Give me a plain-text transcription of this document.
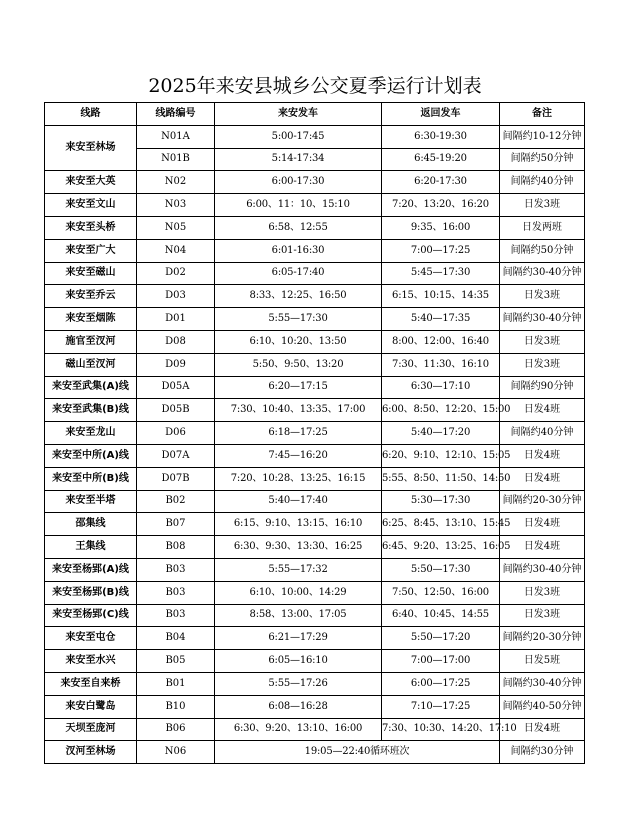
2025年来安县城乡公交夏季运行计划表
线路	线路编号	来安发车	返回发车	备注
来安至林场	N01A	5:00-17:45	6:30-19:30	间隔约10-12分钟
	N01B	5:14-17:34	6:45-19:20	间隔约50分钟
来安至大英	N02	6:00-17:30	6:20-17:30	间隔约40分钟
来安至文山	N03	6:00、11：10、15:10	7:20、13:20、16:20	日发3班
来安至头桥	N05	6:58、12:55	9:35、16:00	日发两班
来安至广大	N04	6:01-16:30	7:00—17:25	间隔约50分钟
来安至磁山	D02	6:05-17:40	5:45—17:30	间隔约30-40分钟
来安至乔云	D03	8:33、12:25、16:50	6:15、10:15、14:35	日发3班
来安至烟陈	D01	5:55—17:30	5:40—17:35	间隔约30-40分钟
施官至汊河	D08	6:10、10:20、13:50	8:00、12:00、16:40	日发3班
磁山至汊河	D09	5:50、9:50、13:20	7:30、11:30、16:10	日发3班
来安至武集(A)线	D05A	6:20—17:15	6:30—17:10	间隔约90分钟
来安至武集(B)线	D05B	7:30、10:40、13:35、17:00	6:00、8:50、12:20、15:00	日发4班
来安至龙山	D06	6:18—17:25	5:40—17:20	间隔约40分钟
来安至中所(A)线	D07A	7:45—16:20	6:20、9:10、12:10、15:05	日发4班
来安至中所(B)线	D07B	7:20、10:28、13:25、16:15	5:55、8:50、11:50、14:50	日发4班
来安至半塔	B02	5:40—17:40	5:30—17:30	间隔约20-30分钟
邵集线	B07	6:15、9:10、13:15、16:10	6:25、8:45、13:10、15:45	日发4班
王集线	B08	6:30、9:30、13:30、16:25	6:45、9:20、13:25、16:05	日发4班
来安至杨郢(A)线	B03	5:55—17:32	5:50—17:30	间隔约30-40分钟
来安至杨郢(B)线	B03	6:10、10:00、14:29	7:50、12:50、16:00	日发3班
来安至杨郢(C)线	B03	8:58、13:00、17:05	6:40、10:45、14:55	日发3班
来安至屯仓	B04	6:21—17:29	5:50—17:20	间隔约20-30分钟
来安至水兴	B05	6:05—16:10	7:00—17:00	日发5班
来安至自来桥	B01	5:55—17:26	6:00—17:25	间隔约30-40分钟
来安白鹭岛	B10	6:08—16:28	7:10—17:25	间隔约40-50分钟
天坝至庞河	B06	6:30、9:20、13:10、16:00	7:30、10:30、14:20、17:10	日发4班
汊河至林场	N06	19:05—22:40循环班次		间隔约30分钟
